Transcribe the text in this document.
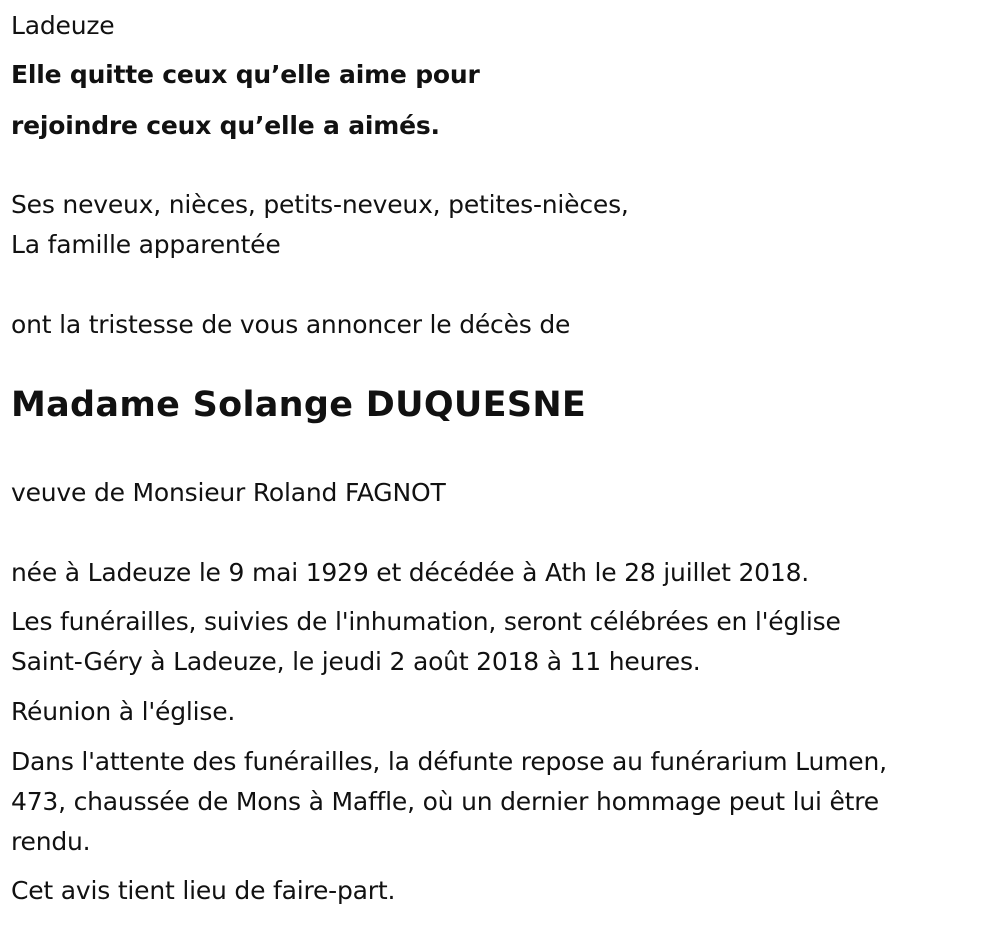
Ladeuze
Elle quitte ceux qu’elle aime pour
rejoindre ceux qu’elle a aimés.
Ses neveux, nièces, petits-neveux, petites-nièces,
La famille apparentée
ont la tristesse de vous annoncer le décès de
Madame Solange DUQUESNE
veuve de Monsieur Roland FAGNOT
née à Ladeuze le 9 mai 1929 et décédée à Ath le 28 juillet 2018.
Les funérailles, suivies de l'inhumation, seront célébrées en l'église
Saint-Géry à Ladeuze, le jeudi 2 août 2018 à 11 heures.
Réunion à l'église.
Dans l'attente des funérailles, la défunte repose au funérarium Lumen,
473, chaussée de Mons à Maffle, où un dernier hommage peut lui être
rendu.
Cet avis tient lieu de faire-part.
